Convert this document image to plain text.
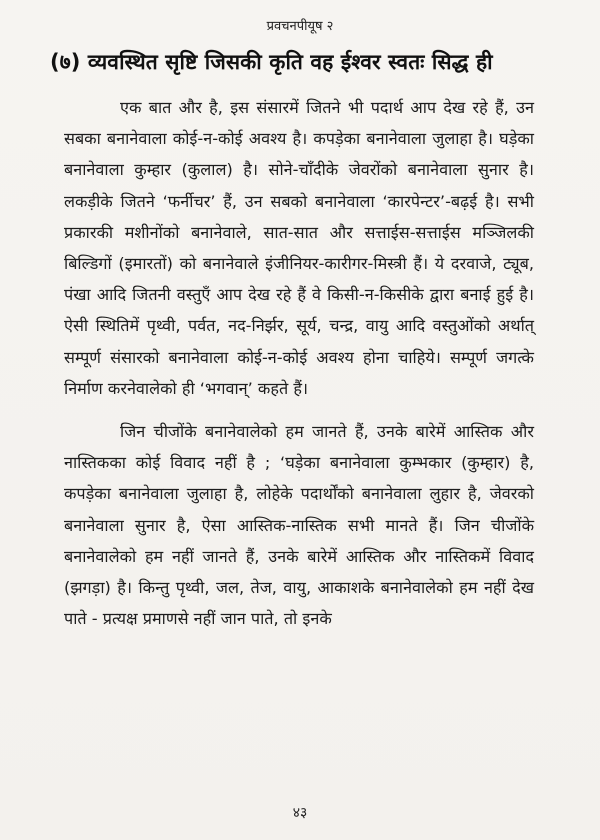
प्रवचनपीयूष २
(७) व्यवस्थित सृष्टि जिसकी कृति वह ईश्वर स्वतः सिद्ध ही

एक बात और है, इस संसारमें जितने भी पदार्थ आप देख रहे हैं, उन सबका बनानेवाला कोई-न-कोई अवश्य है। कपड़ेका बनानेवाला जुलाहा है। घड़ेका बनानेवाला कुम्हार (कुलाल) है। सोने-चाँदीके जेवरोंको बनानेवाला सुनार है। लकड़ीके जितने ‘फर्नीचर’ हैं, उन सबको बनानेवाला ‘कारपेन्टर’-बढ़ई है। सभी प्रकारकी मशीनोंको बनानेवाले, सात-सात और सत्ताईस-सत्ताईस मञ्जिलकी बिल्डिगों (इमारतों) को बनानेवाले इंजीनियर-कारीगर-मिस्त्री हैं। ये दरवाजे, ट्यूब, पंखा आदि जितनी वस्तुएँ आप देख रहे हैं वे किसी-न-किसीके द्वारा बनाई हुई है। ऐसी स्थितिमें पृथ्वी, पर्वत, नद-निर्झर, सूर्य, चन्द्र, वायु आदि वस्तुओंको अर्थात् सम्पूर्ण संसारको बनानेवाला कोई-न-कोई अवश्य होना चाहिये। सम्पूर्ण जगत्के निर्माण करनेवालेको ही ‘भगवान्’ कहते हैं।

जिन चीजोंके बनानेवालेको हम जानते हैं, उनके बारेमें आस्तिक और नास्तिकका कोई विवाद नहीं है ; ‘घड़ेका बनानेवाला कुम्भकार (कुम्हार) है, कपड़ेका बनानेवाला जुलाहा है, लोहेके पदार्थोंको बनानेवाला लुहार है, जेवरको बनानेवाला सुनार है, ऐसा आस्तिक-नास्तिक सभी मानते हैं। जिन चीजोंके बनानेवालेको हम नहीं जानते हैं, उनके बारेमें आस्तिक और नास्तिकमें विवाद (झगड़ा) है। किन्तु पृथ्वी, जल, तेज, वायु, आकाशके बनानेवालेको हम नहीं देख पाते - प्रत्यक्ष प्रमाणसे नहीं जान पाते, तो इनके

४३
